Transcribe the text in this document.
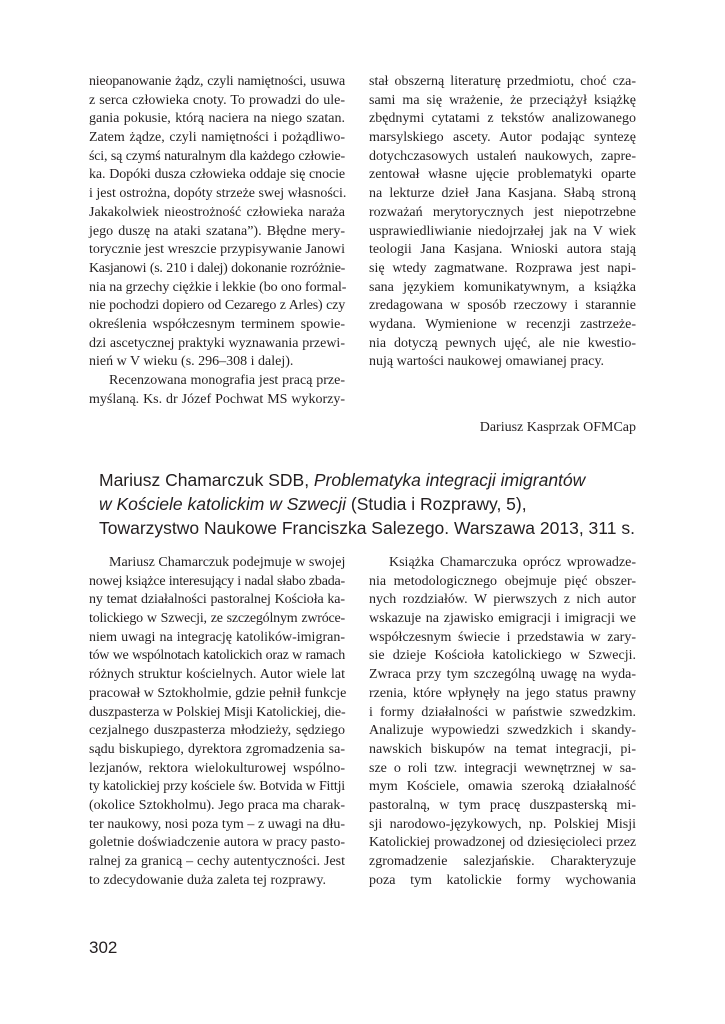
nieopanowanie żądz, czyli namiętności, usuwa
z serca człowieka cnoty. To prowadzi do ule-
gania pokusie, którą naciera na niego szatan.
Zatem żądze, czyli namiętności i pożądliwo-
ści, są czymś naturalnym dla każdego człowie-
ka. Dopóki dusza człowieka oddaje się cnocie
i jest ostrożna, dopóty strzeże swej własności.
Jakakolwiek nieostrożność człowieka naraża
jego duszę na ataki szatana”). Błędne mery-
torycznie jest wreszcie przypisywanie Janowi
Kasjanowi (s. 210 i dalej) dokonanie rozróżnie-
nia na grzechy ciężkie i lekkie (bo ono formal-
nie pochodzi dopiero od Cezarego z Arles) czy
określenia współczesnym terminem spowie-
dzi ascetycznej praktyki wyznawania przewi-
nień w V wieku (s. 296–308 i dalej).
Recenzowana monografia jest pracą prze-
myślaną. Ks. dr Józef Pochwat MS wykorzy-
stał obszerną literaturę przedmiotu, choć cza-
sami ma się wrażenie, że przeciążył książkę
zbędnymi cytatami z tekstów analizowanego
marsylskiego ascety. Autor podając syntezę
dotychczasowych ustaleń naukowych, zapre-
zentował własne ujęcie problematyki oparte
na lekturze dzieł Jana Kasjana. Słabą stroną
rozważań merytorycznych jest niepotrzebne
usprawiedliwianie niedojrzałej jak na V wiek
teologii Jana Kasjana. Wnioski autora stają
się wtedy zagmatwane. Rozprawa jest napi-
sana językiem komunikatywnym, a książka
zredagowana w sposób rzeczowy i starannie
wydana. Wymienione w recenzji zastrzeże-
nia dotyczą pewnych ujęć, ale nie kwestio-
nują wartości naukowej omawianej pracy.
Dariusz Kasprzak OFMCap
Mariusz Chamarczuk SDB, Problematyka integracji imigrantów
w Kościele katolickim w Szwecji (Studia i Rozprawy, 5),
Towarzystwo Naukowe Franciszka Salezego. Warszawa 2013, 311 s.
Mariusz Chamarczuk podejmuje w swojej
nowej książce interesujący i nadal słabo zbada-
ny temat działalności pastoralnej Kościoła ka-
tolickiego w Szwecji, ze szczególnym zwróce-
niem uwagi na integrację katolików-imigran-
tów we wspólnotach katolickich oraz w ramach
różnych struktur kościelnych. Autor wiele lat
pracował w Sztokholmie, gdzie pełnił funkcje
duszpasterza w Polskiej Misji Katolickiej, die-
cezjalnego duszpasterza młodzieży, sędziego
sądu biskupiego, dyrektora zgromadzenia sa-
lezjanów, rektora wielokulturowej wspólno-
ty katolickiej przy kościele św. Botvida w Fittji
(okolice Sztokholmu). Jego praca ma charak-
ter naukowy, nosi poza tym – z uwagi na dłu-
goletnie doświadczenie autora w pracy pasto-
ralnej za granicą – cechy autentyczności. Jest
to zdecydowanie duża zaleta tej rozprawy.
Książka Chamarczuka oprócz wprowadze-
nia metodologicznego obejmuje pięć obszer-
nych rozdziałów. W pierwszych z nich autor
wskazuje na zjawisko emigracji i imigracji we
współczesnym świecie i przedstawia w zary-
sie dzieje Kościoła katolickiego w Szwecji.
Zwraca przy tym szczególną uwagę na wyda-
rzenia, które wpłynęły na jego status prawny
i formy działalności w państwie szwedzkim.
Analizuje wypowiedzi szwedzkich i skandy-
nawskich biskupów na temat integracji, pi-
sze o roli tzw. integracji wewnętrznej w sa-
mym Kościele, omawia szeroką działalność
pastoralną, w tym pracę duszpasterską mi-
sji narodowo-językowych, np. Polskiej Misji
Katolickiej prowadzonej od dziesięcioleci przez
zgromadzenie salezjańskie. Charakteryzuje
poza tym katolickie formy wychowania
302
